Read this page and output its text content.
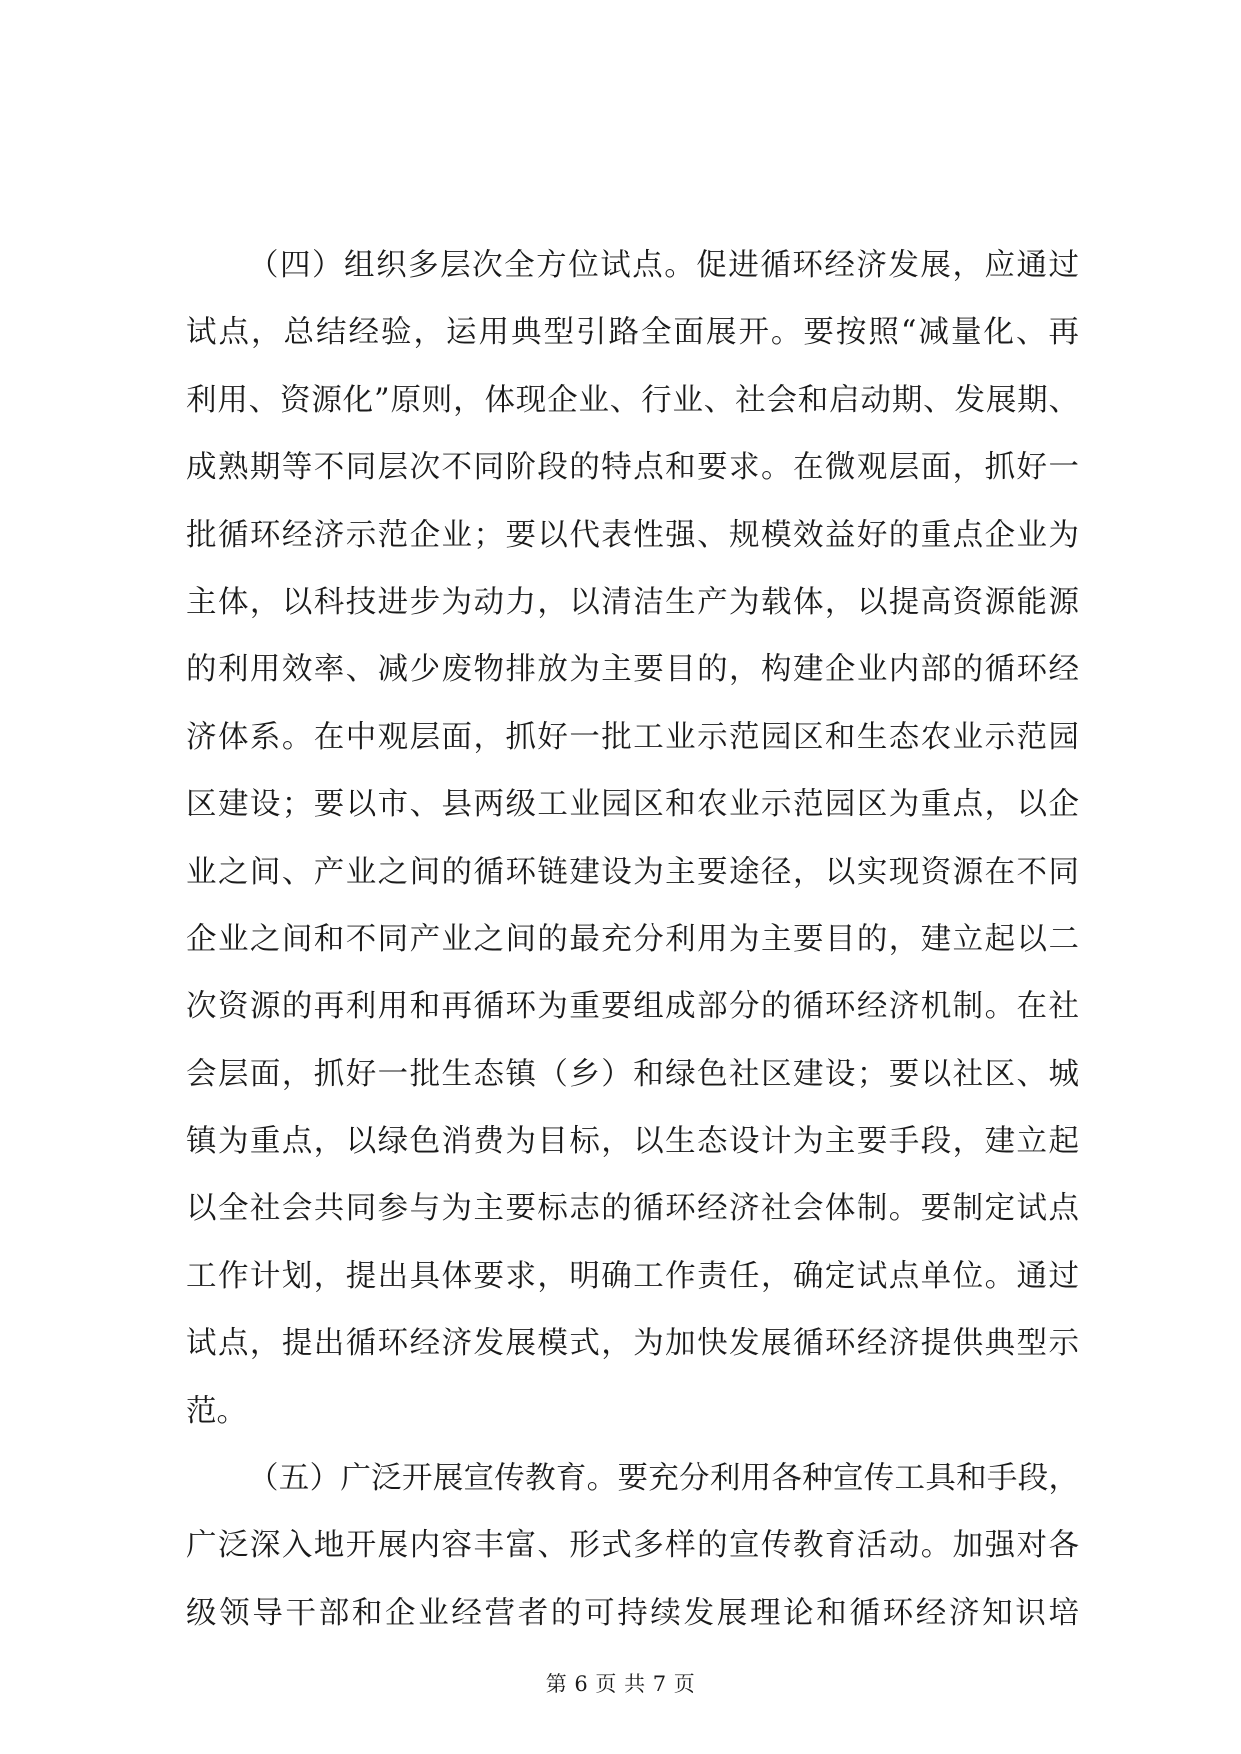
（四）组织多层次全方位试点。促进循环经济发展，应通过
试点，总结经验，运用典型引路全面展开。要按照“减量化、再
利用、资源化”原则，体现企业、行业、社会和启动期、发展期、
成熟期等不同层次不同阶段的特点和要求。在微观层面，抓好一
批循环经济示范企业；要以代表性强、规模效益好的重点企业为
主体，以科技进步为动力，以清洁生产为载体，以提高资源能源
的利用效率、减少废物排放为主要目的，构建企业内部的循环经
济体系。在中观层面，抓好一批工业示范园区和生态农业示范园
区建设；要以市、县两级工业园区和农业示范园区为重点，以企
业之间、产业之间的循环链建设为主要途径，以实现资源在不同
企业之间和不同产业之间的最充分利用为主要目的，建立起以二
次资源的再利用和再循环为重要组成部分的循环经济机制。在社
会层面，抓好一批生态镇（乡）和绿色社区建设；要以社区、城
镇为重点，以绿色消费为目标，以生态设计为主要手段，建立起
以全社会共同参与为主要标志的循环经济社会体制。要制定试点
工作计划，提出具体要求，明确工作责任，确定试点单位。通过
试点，提出循环经济发展模式，为加快发展循环经济提供典型示
范。
（五）广泛开展宣传教育。要充分利用各种宣传工具和手段，
广泛深入地开展内容丰富、形式多样的宣传教育活动。加强对各
级领导干部和企业经营者的可持续发展理论和循环经济知识培
第 6 页 共 7 页
